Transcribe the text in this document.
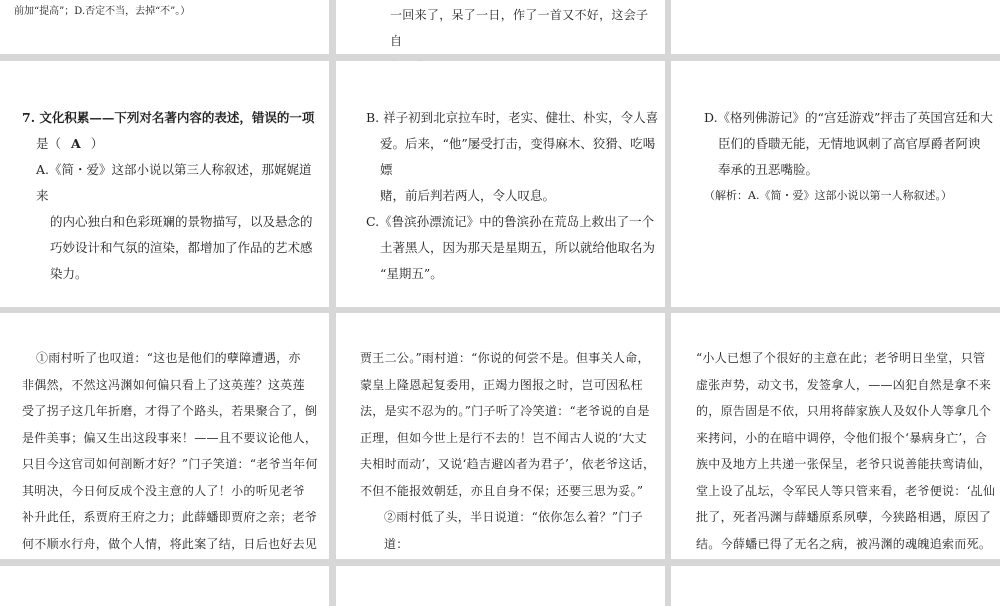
前加“提高”；D.否定不当，去掉“不”。）	一回来了，呆了一日，作了一首又不好，这会子自

7. 文化积累——下列对名著内容的表述，错误的一项

是（ A ）

A.《简・爱》这部小说以第三人称叙述，那娓娓道来

的内心独白和色彩斑斓的景物描写，以及悬念的

巧妙设计和气氛的渲染，都增加了作品的艺术感

染力。

B. 祥子初到北京拉车时，老实、健壮、朴实，令人喜

爱。后来，“他”屡受打击，变得麻木、狡猾、吃喝嫖

赌，前后判若两人，令人叹息。

C.《鲁滨孙漂流记》中的鲁滨孙在荒岛上救出了一个

土著黑人，因为那天是星期五，所以就给他取名为

“星期五”。

D.《格列佛游记》的“宫廷游戏”抨击了英国宫廷和大

臣们的昏聩无能，无情地讽刺了高官厚爵者阿谀

奉承的丑恶嘴脸。

（解析：A.《简・爱》这部小说以第一人称叙述。）

①雨村听了也叹道：“这也是他们的孽障遭遇，亦

非偶然，不然这冯渊如何偏只看上了这英莲？这英莲

受了拐子这几年折磨，才得了个路头，若果聚合了，倒

是件美事；偏又生出这段事来！——且不要议论他人，

只目今这官司如何剖断才好？”门子笑道：“老爷当年何

其明决，今日何反成个没主意的人了！小的听见老爷

补升此任，系贾府王府之力；此薛蟠即贾府之亲；老爷

何不顺水行舟，做个人情，将此案了结，日后也好去见

贾王二公。”雨村道：“你说的何尝不是。但事关人命，

蒙皇上隆恩起复委用，正竭力图报之时，岂可因私枉

法，是实不忍为的。”门子听了冷笑道：“老爷说的自是

正理，但如今世上是行不去的！岂不闻古人说的‘大丈

夫相时而动’，又说‘趋吉避凶者为君子’，依老爷这话，

不但不能报效朝廷，亦且自身不保；还要三思为妥。”

②雨村低了头，半日说道：“依你怎么着？”门子道：

“小人已想了个很好的主意在此；老爷明日坐堂，只管

虚张声势，动文书，发签拿人，——凶犯自然是拿不来

的，原告固是不依，只用将薛家族人及奴仆人等拿几个

来拷问，小的在暗中调停，令他们报个‘暴病身亡’，合

族中及地方上共递一张保呈，老爷只说善能扶鸾请仙，

堂上设了乩坛，令军民人等只管来看，老爷便说：‘乩仙

批了，死者冯渊与薛蟠原系夙孽，今狭路相遇，原因了

结。今薛蟠已得了无名之病，被冯渊的魂魄追索而死。
